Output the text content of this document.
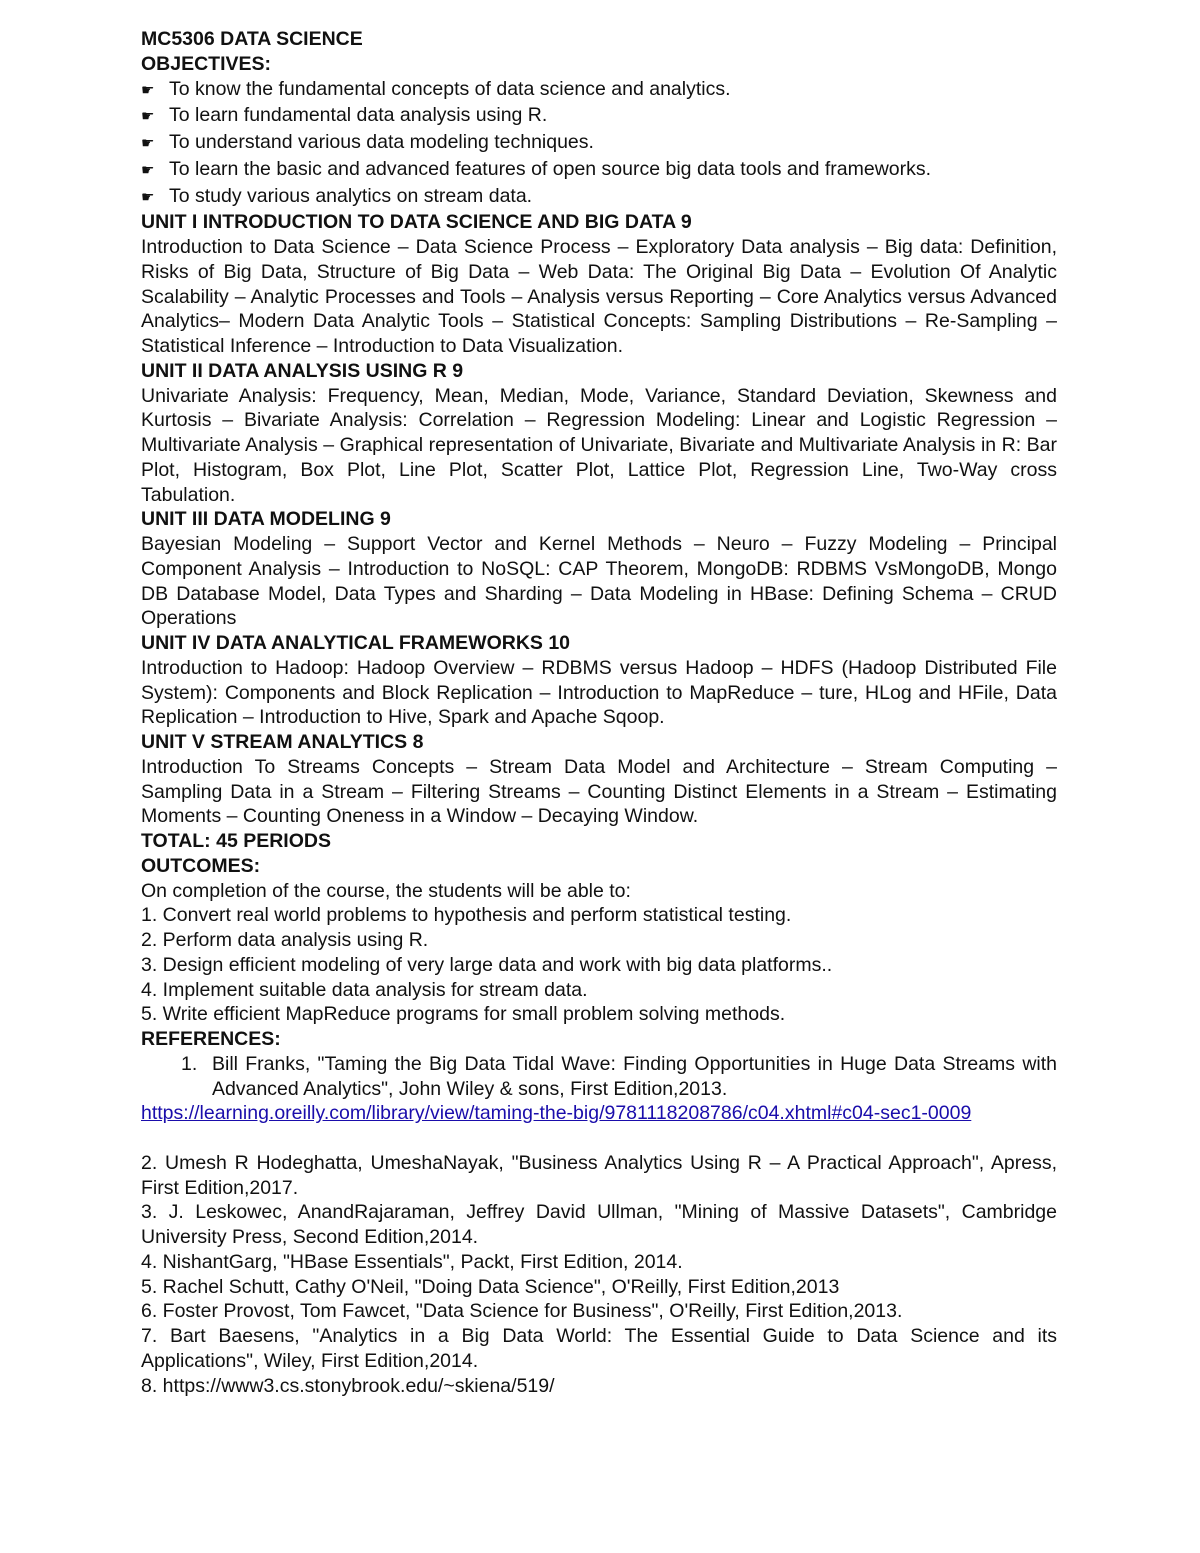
MC5306 DATA SCIENCE
OBJECTIVES:
☛ To know the fundamental concepts of data science and analytics.
☛ To learn fundamental data analysis using R.
☛ To understand various data modeling techniques.
☛ To learn the basic and advanced features of open source big data tools and frameworks.
☛ To study various analytics on stream data.
UNIT I INTRODUCTION TO DATA SCIENCE AND BIG DATA 9
Introduction to Data Science – Data Science Process – Exploratory Data analysis – Big data: Definition, Risks of Big Data, Structure of Big Data – Web Data: The Original Big Data – Evolution Of Analytic Scalability – Analytic Processes and Tools – Analysis versus Reporting – Core Analytics versus Advanced Analytics– Modern Data Analytic Tools – Statistical Concepts: Sampling Distributions – Re-Sampling – Statistical Inference – Introduction to Data Visualization.
UNIT II DATA ANALYSIS USING R 9
Univariate Analysis: Frequency, Mean, Median, Mode, Variance, Standard Deviation, Skewness and Kurtosis – Bivariate Analysis: Correlation – Regression Modeling: Linear and Logistic Regression – Multivariate Analysis – Graphical representation of Univariate, Bivariate and Multivariate Analysis in R: Bar Plot, Histogram, Box Plot, Line Plot, Scatter Plot, Lattice Plot, Regression Line, Two-Way cross Tabulation.
UNIT III DATA MODELING 9
Bayesian Modeling – Support Vector and Kernel Methods – Neuro – Fuzzy Modeling – Principal Component Analysis – Introduction to NoSQL: CAP Theorem, MongoDB: RDBMS VsMongoDB, Mongo DB Database Model, Data Types and Sharding – Data Modeling in HBase: Defining Schema – CRUD Operations
UNIT IV DATA ANALYTICAL FRAMEWORKS 10
Introduction to Hadoop: Hadoop Overview – RDBMS versus Hadoop – HDFS (Hadoop Distributed File System): Components and Block Replication – Introduction to MapReduce – ture, HLog and HFile, Data Replication – Introduction to Hive, Spark and Apache Sqoop.
UNIT V STREAM ANALYTICS 8
Introduction To Streams Concepts – Stream Data Model and Architecture – Stream Computing – Sampling Data in a Stream – Filtering Streams – Counting Distinct Elements in a Stream – Estimating Moments – Counting Oneness in a Window – Decaying Window.
TOTAL: 45 PERIODS
OUTCOMES:
On completion of the course, the students will be able to:
1. Convert real world problems to hypothesis and perform statistical testing.
2. Perform data analysis using R.
3. Design efficient modeling of very large data and work with big data platforms..
4. Implement suitable data analysis for stream data.
5. Write efficient MapReduce programs for small problem solving methods.
REFERENCES:
1. Bill Franks, "Taming the Big Data Tidal Wave: Finding Opportunities in Huge Data Streams with Advanced Analytics", John Wiley & sons, First Edition,2013.
https://learning.oreilly.com/library/view/taming-the-big/9781118208786/c04.xhtml#c04-sec1-0009
2. Umesh R Hodeghatta, UmeshaNayak, "Business Analytics Using R – A Practical Approach", Apress, First Edition,2017.
3. J. Leskowec, AnandRajaraman, Jeffrey David Ullman, "Mining of Massive Datasets", Cambridge University Press, Second Edition,2014.
4. NishantGarg, "HBase Essentials", Packt, First Edition, 2014.
5. Rachel Schutt, Cathy O'Neil, "Doing Data Science", O'Reilly, First Edition,2013
6. Foster Provost, Tom Fawcet, "Data Science for Business", O'Reilly, First Edition,2013.
7. Bart Baesens, "Analytics in a Big Data World: The Essential Guide to Data Science and its Applications", Wiley, First Edition,2014.
8. https://www3.cs.stonybrook.edu/~skiena/519/
